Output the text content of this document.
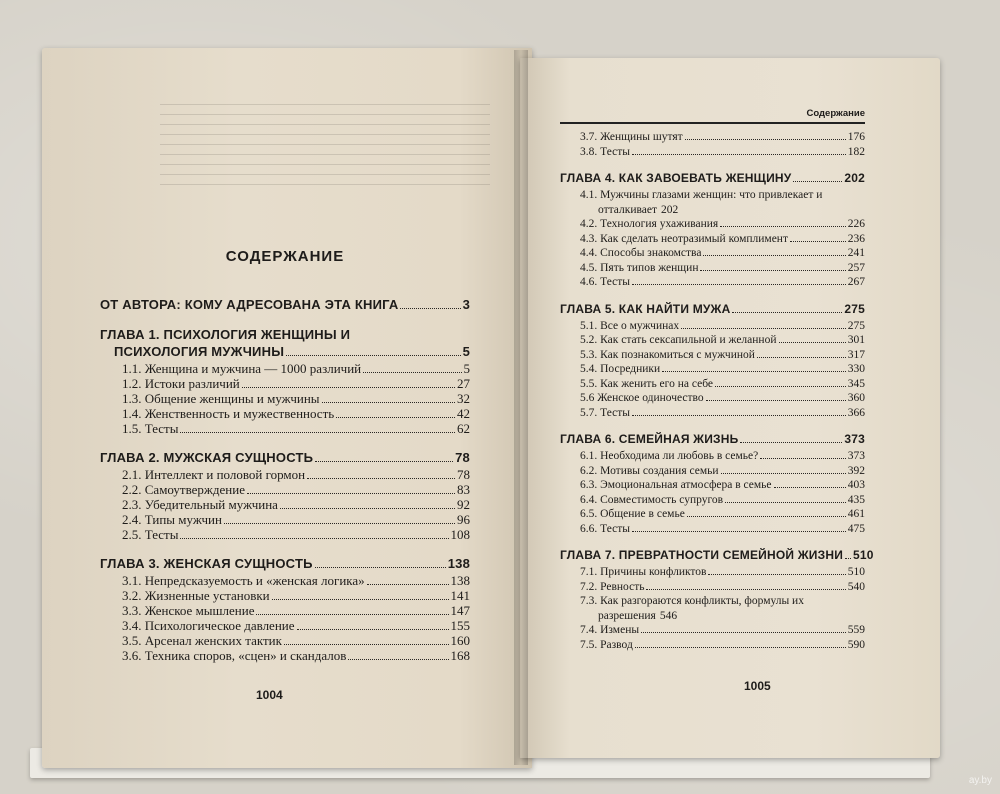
СОДЕРЖАНИЕ
ОТ АВТОРА: КОМУ АДРЕСОВАНА ЭТА КНИГА	3
ГЛАВА 1. ПСИХОЛОГИЯ ЖЕНЩИНЫ И
ПСИХОЛОГИЯ МУЖЧИНЫ	5
1.1. Женщина и мужчина — 1000 различий	5
1.2. Истоки различий	27
1.3. Общение женщины и мужчины	32
1.4. Женственность и мужественность	42
1.5. Тесты	62
ГЛАВА 2. МУЖСКАЯ СУЩНОСТЬ	78
2.1. Интеллект и половой гормон	78
2.2. Самоутверждение	83
2.3. Убедительный мужчина	92
2.4. Типы мужчин	96
2.5. Тесты	108
ГЛАВА 3. ЖЕНСКАЯ СУЩНОСТЬ	138
3.1. Непредсказуемость и «женская логика»	138
3.2. Жизненные установки	141
3.3. Женское мышление	147
3.4. Психологическое давление	155
3.5. Арсенал женских тактик	160
3.6. Техника споров, «сцен» и скандалов	168
1004
Содержание
3.7. Женщины шутят	176
3.8. Тесты	182
ГЛАВА 4. КАК ЗАВОЕВАТЬ ЖЕНЩИНУ	202
4.1. Мужчины глазами женщин: что привлекает и
отталкивает 202
4.2. Технология ухаживания	226
4.3. Как сделать неотразимый комплимент	236
4.4. Способы знакомства	241
4.5. Пять типов женщин	257
4.6. Тесты	267
ГЛАВА 5. КАК НАЙТИ МУЖА	275
5.1. Все о мужчинах	275
5.2. Как стать сексапильной и желанной	301
5.3. Как познакомиться с мужчиной	317
5.4. Посредники	330
5.5. Как женить его на себе	345
5.6 Женское одиночество	360
5.7. Тесты	366
ГЛАВА 6. СЕМЕЙНАЯ ЖИЗНЬ	373
6.1. Необходима ли любовь в семье?	373
6.2. Мотивы создания семьи	392
6.3. Эмоциональная атмосфера в семье	403
6.4. Совместимость супругов	435
6.5. Общение в семье	461
6.6. Тесты	475
ГЛАВА 7. ПРЕВРАТНОСТИ СЕМЕЙНОЙ ЖИЗНИ 510
7.1. Причины конфликтов	510
7.2. Ревность	540
7.3. Как разгораются конфликты, формулы их
разрешения 546
7.4. Измены	559
7.5. Развод	590
1005
ay.by
